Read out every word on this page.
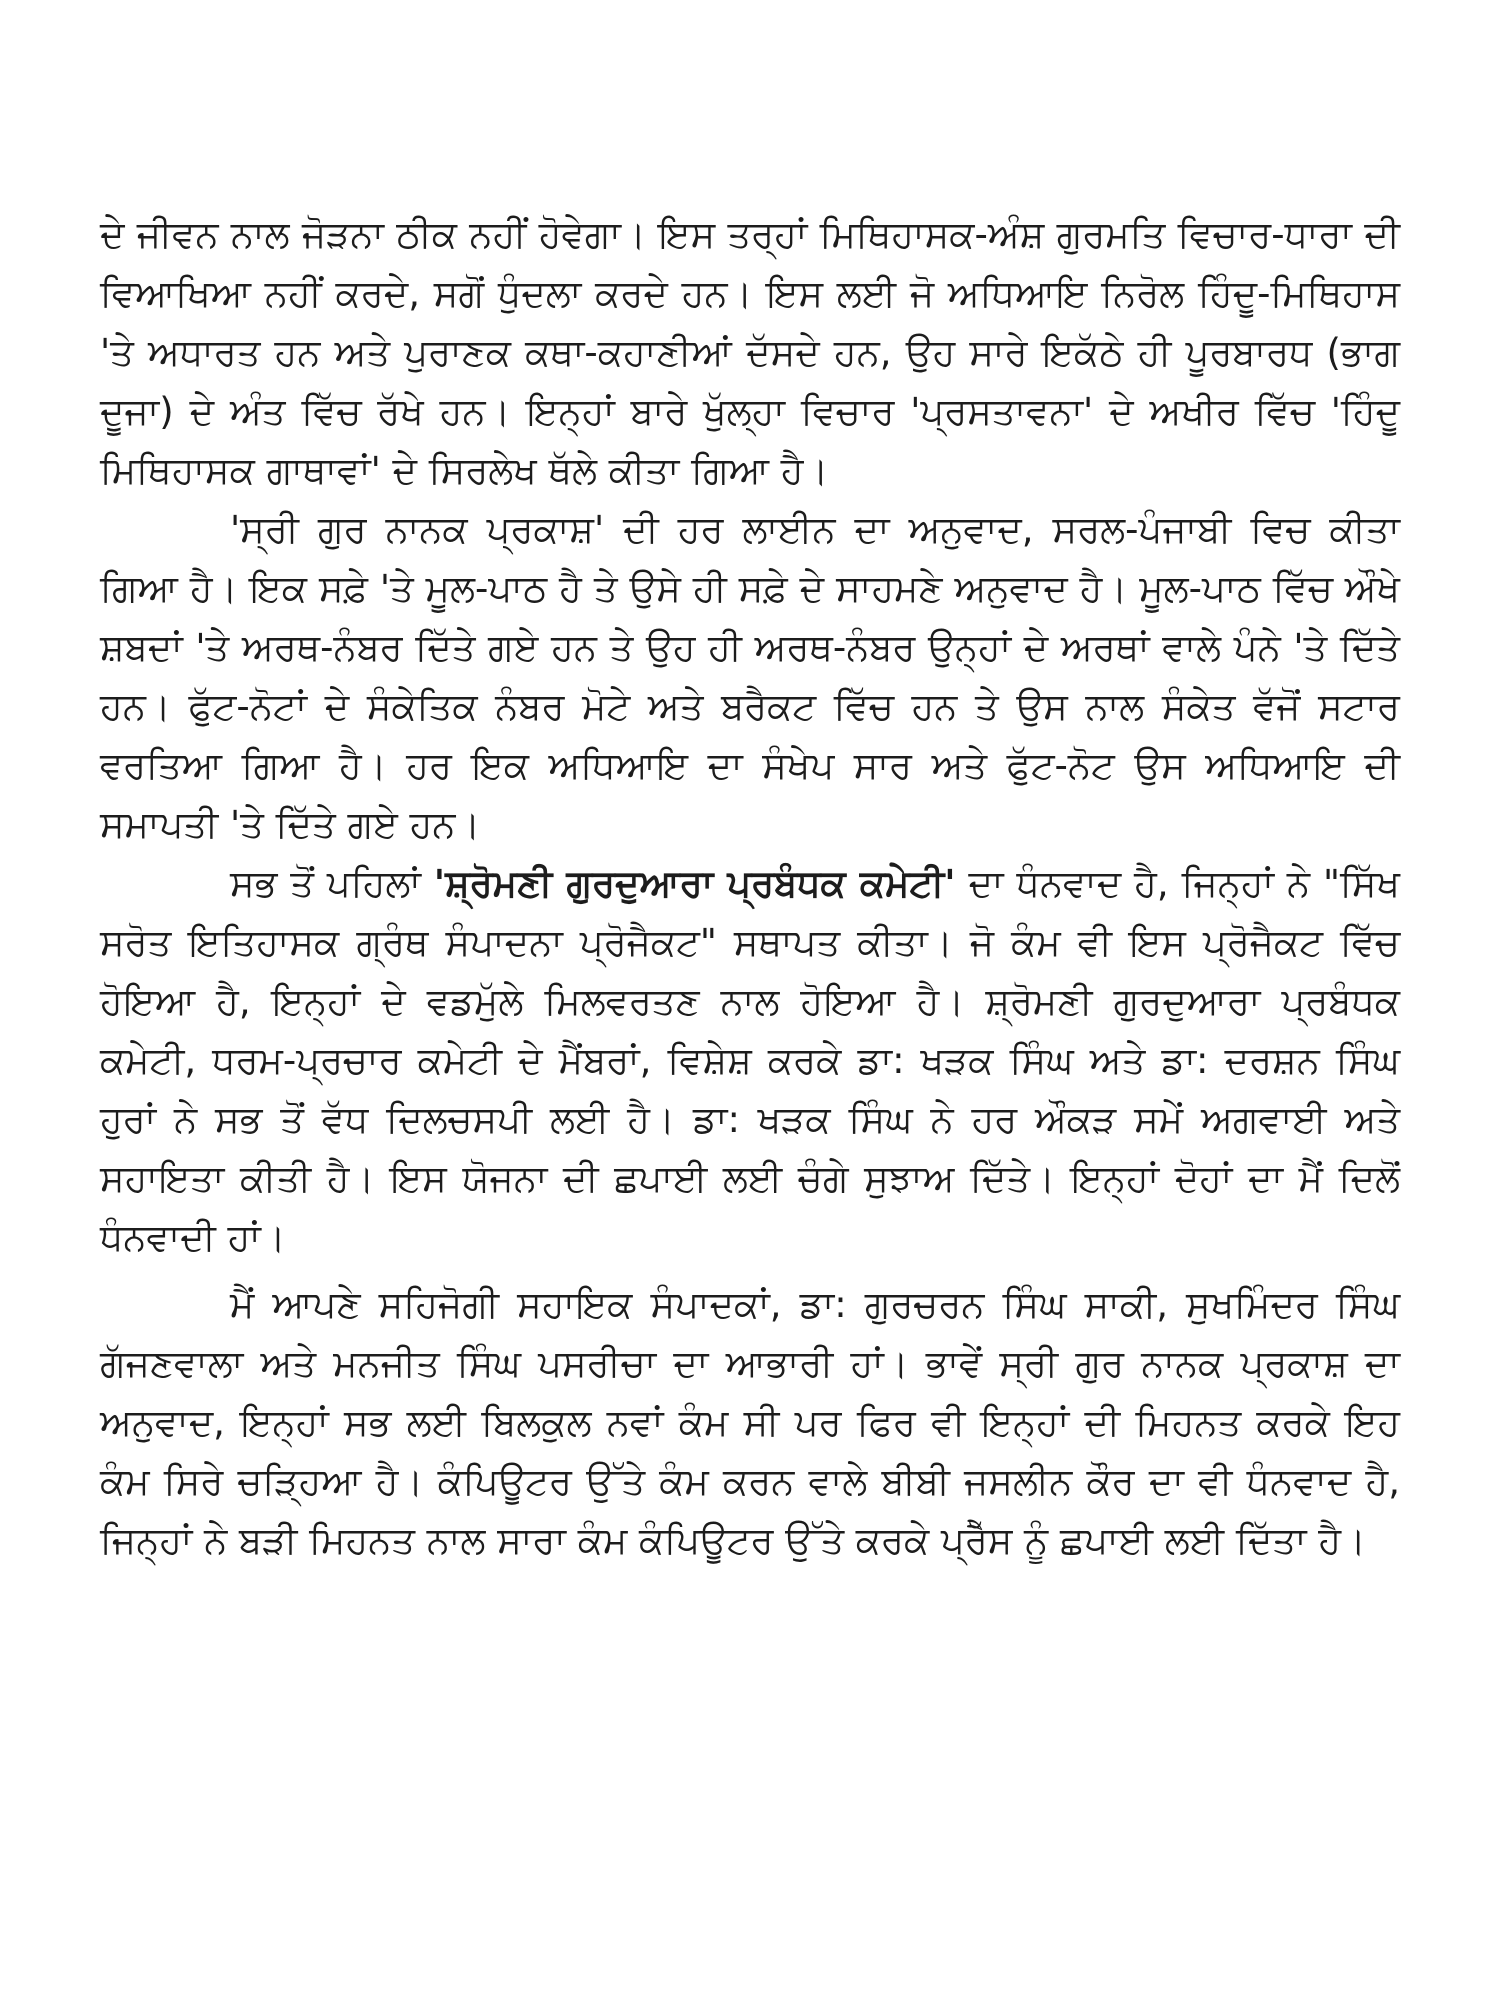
ਦੇ ਜੀਵਨ ਨਾਲ ਜੋੜਨਾ ਠੀਕ ਨਹੀਂ ਹੋਵੇਗਾ। ਇਸ ਤਰ੍ਹਾਂ ਮਿਥਿਹਾਸਕ-ਅੰਸ਼ ਗੁਰਮਤਿ ਵਿਚਾਰ-ਧਾਰਾ ਦੀ ਵਿਆਖਿਆ ਨਹੀਂ ਕਰਦੇ, ਸਗੋਂ ਧੁੰਦਲਾ ਕਰਦੇ ਹਨ। ਇਸ ਲਈ ਜੋ ਅਧਿਆਇ ਨਿਰੋਲ ਹਿੰਦੂ-ਮਿਥਿਹਾਸ 'ਤੇ ਅਧਾਰਤ ਹਨ ਅਤੇ ਪੁਰਾਣਕ ਕਥਾ-ਕਹਾਣੀਆਂ ਦੱਸਦੇ ਹਨ, ਉਹ ਸਾਰੇ ਇਕੱਠੇ ਹੀ ਪੂਰਬਾਰਧ (ਭਾਗ ਦੂਜਾ) ਦੇ ਅੰਤ ਵਿੱਚ ਰੱਖੇ ਹਨ। ਇਨ੍ਹਾਂ ਬਾਰੇ ਖੁੱਲ੍ਹਾ ਵਿਚਾਰ 'ਪ੍ਰਸਤਾਵਨਾ' ਦੇ ਅਖੀਰ ਵਿੱਚ 'ਹਿੰਦੂ ਮਿਥਿਹਾਸਕ ਗਾਥਾਵਾਂ' ਦੇ ਸਿਰਲੇਖ ਥੱਲੇ ਕੀਤਾ ਗਿਆ ਹੈ।

'ਸ੍ਰੀ ਗੁਰ ਨਾਨਕ ਪ੍ਰਕਾਸ਼' ਦੀ ਹਰ ਲਾਈਨ ਦਾ ਅਨੁਵਾਦ, ਸਰਲ-ਪੰਜਾਬੀ ਵਿਚ ਕੀਤਾ ਗਿਆ ਹੈ। ਇਕ ਸਫ਼ੇ 'ਤੇ ਮੂਲ-ਪਾਠ ਹੈ ਤੇ ਉਸੇ ਹੀ ਸਫ਼ੇ ਦੇ ਸਾਹਮਣੇ ਅਨੁਵਾਦ ਹੈ। ਮੂਲ-ਪਾਠ ਵਿੱਚ ਔਖੇ ਸ਼ਬਦਾਂ 'ਤੇ ਅਰਥ-ਨੰਬਰ ਦਿੱਤੇ ਗਏ ਹਨ ਤੇ ਉਹ ਹੀ ਅਰਥ-ਨੰਬਰ ਉਨ੍ਹਾਂ ਦੇ ਅਰਥਾਂ ਵਾਲੇ ਪੰਨੇ 'ਤੇ ਦਿੱਤੇ ਹਨ। ਫੁੱਟ-ਨੋਟਾਂ ਦੇ ਸੰਕੇਤਿਕ ਨੰਬਰ ਮੋਟੇ ਅਤੇ ਬਰੈਕਟ ਵਿੱਚ ਹਨ ਤੇ ਉਸ ਨਾਲ ਸੰਕੇਤ ਵੱਜੋਂ ਸਟਾਰ ਵਰਤਿਆ ਗਿਆ ਹੈ। ਹਰ ਇਕ ਅਧਿਆਇ ਦਾ ਸੰਖੇਪ ਸਾਰ ਅਤੇ ਫੁੱਟ-ਨੋਟ ਉਸ ਅਧਿਆਇ ਦੀ ਸਮਾਪਤੀ 'ਤੇ ਦਿੱਤੇ ਗਏ ਹਨ।

ਸਭ ਤੋਂ ਪਹਿਲਾਂ 'ਸ਼੍ਰੋਮਣੀ ਗੁਰਦੁਆਰਾ ਪ੍ਰਬੰਧਕ ਕਮੇਟੀ' ਦਾ ਧੰਨਵਾਦ ਹੈ, ਜਿਨ੍ਹਾਂ ਨੇ "ਸਿੱਖ ਸਰੋਤ ਇਤਿਹਾਸਕ ਗ੍ਰੰਥ ਸੰਪਾਦਨਾ ਪ੍ਰੋਜੈਕਟ" ਸਥਾਪਤ ਕੀਤਾ। ਜੋ ਕੰਮ ਵੀ ਇਸ ਪ੍ਰੋਜੈਕਟ ਵਿੱਚ ਹੋਇਆ ਹੈ, ਇਨ੍ਹਾਂ ਦੇ ਵਡਮੁੱਲੇ ਮਿਲਵਰਤਣ ਨਾਲ ਹੋਇਆ ਹੈ। ਸ਼੍ਰੋਮਣੀ ਗੁਰਦੁਆਰਾ ਪ੍ਰਬੰਧਕ ਕਮੇਟੀ, ਧਰਮ-ਪ੍ਰਚਾਰ ਕਮੇਟੀ ਦੇ ਮੈਂਬਰਾਂ, ਵਿਸ਼ੇਸ਼ ਕਰਕੇ ਡਾ: ਖੜਕ ਸਿੰਘ ਅਤੇ ਡਾ: ਦਰਸ਼ਨ ਸਿੰਘ ਹੁਰਾਂ ਨੇ ਸਭ ਤੋਂ ਵੱਧ ਦਿਲਚਸਪੀ ਲਈ ਹੈ। ਡਾ: ਖੜਕ ਸਿੰਘ ਨੇ ਹਰ ਔਕੜ ਸਮੇਂ ਅਗਵਾਈ ਅਤੇ ਸਹਾਇਤਾ ਕੀਤੀ ਹੈ। ਇਸ ਯੋਜਨਾ ਦੀ ਛਪਾਈ ਲਈ ਚੰਗੇ ਸੁਝਾਅ ਦਿੱਤੇ। ਇਨ੍ਹਾਂ ਦੋਹਾਂ ਦਾ ਮੈਂ ਦਿਲੋਂ ਧੰਨਵਾਦੀ ਹਾਂ।

ਮੈਂ ਆਪਣੇ ਸਹਿਜੋਗੀ ਸਹਾਇਕ ਸੰਪਾਦਕਾਂ, ਡਾ: ਗੁਰਚਰਨ ਸਿੰਘ ਸਾਕੀ, ਸੁਖਮਿੰਦਰ ਸਿੰਘ ਗੱਜਣਵਾਲਾ ਅਤੇ ਮਨਜੀਤ ਸਿੰਘ ਪਸਰੀਚਾ ਦਾ ਆਭਾਰੀ ਹਾਂ। ਭਾਵੇਂ ਸ੍ਰੀ ਗੁਰ ਨਾਨਕ ਪ੍ਰਕਾਸ਼ ਦਾ ਅਨੁਵਾਦ, ਇਨ੍ਹਾਂ ਸਭ ਲਈ ਬਿਲਕੁਲ ਨਵਾਂ ਕੰਮ ਸੀ ਪਰ ਫਿਰ ਵੀ ਇਨ੍ਹਾਂ ਦੀ ਮਿਹਨਤ ਕਰਕੇ ਇਹ ਕੰਮ ਸਿਰੇ ਚੜ੍ਹਿਆ ਹੈ। ਕੰਪਿਊਟਰ ਉੱਤੇ ਕੰਮ ਕਰਨ ਵਾਲੇ ਬੀਬੀ ਜਸਲੀਨ ਕੌਰ ਦਾ ਵੀ ਧੰਨਵਾਦ ਹੈ, ਜਿਨ੍ਹਾਂ ਨੇ ਬੜੀ ਮਿਹਨਤ ਨਾਲ ਸਾਰਾ ਕੰਮ ਕੰਪਿਊਟਰ ਉੱਤੇ ਕਰਕੇ ਪ੍ਰੈੱਸ ਨੂੰ ਛਪਾਈ ਲਈ ਦਿੱਤਾ ਹੈ।
